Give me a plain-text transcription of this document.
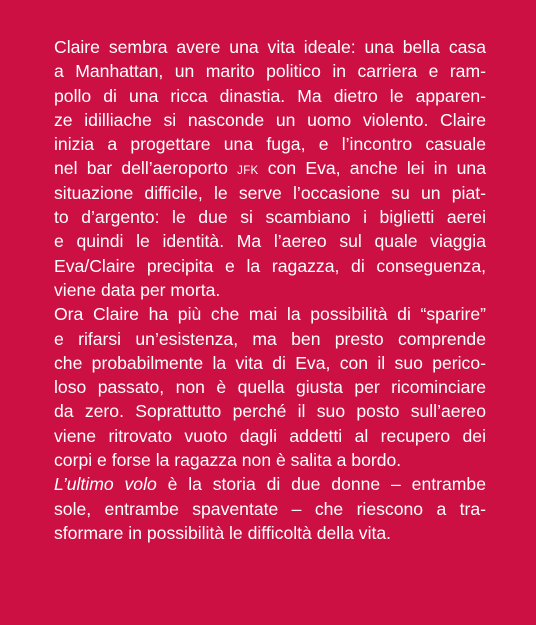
Claire sembra avere una vita ideale: una bella casa
a Manhattan, un marito politico in carriera e ram-
pollo di una ricca dinastia. Ma dietro le apparen-
ze idilliache si nasconde un uomo violento. Claire
inizia a progettare una fuga, e l’incontro casuale
nel bar dell’aeroporto JFK con Eva, anche lei in una
situazione difficile, le serve l’occasione su un piat-
to d’argento: le due si scambiano i biglietti aerei
e quindi le identità. Ma l’aereo sul quale viaggia
Eva/Claire precipita e la ragazza, di conseguenza,
viene data per morta.
Ora Claire ha più che mai la possibilità di “sparire”
e rifarsi un’esistenza, ma ben presto comprende
che probabilmente la vita di Eva, con il suo perico-
loso passato, non è quella giusta per ricominciare
da zero. Soprattutto perché il suo posto sull’aereo
viene ritrovato vuoto dagli addetti al recupero dei
corpi e forse la ragazza non è salita a bordo.
L’ultimo volo è la storia di due donne – entrambe
sole, entrambe spaventate – che riescono a tra-
sformare in possibilità le difficoltà della vita.
